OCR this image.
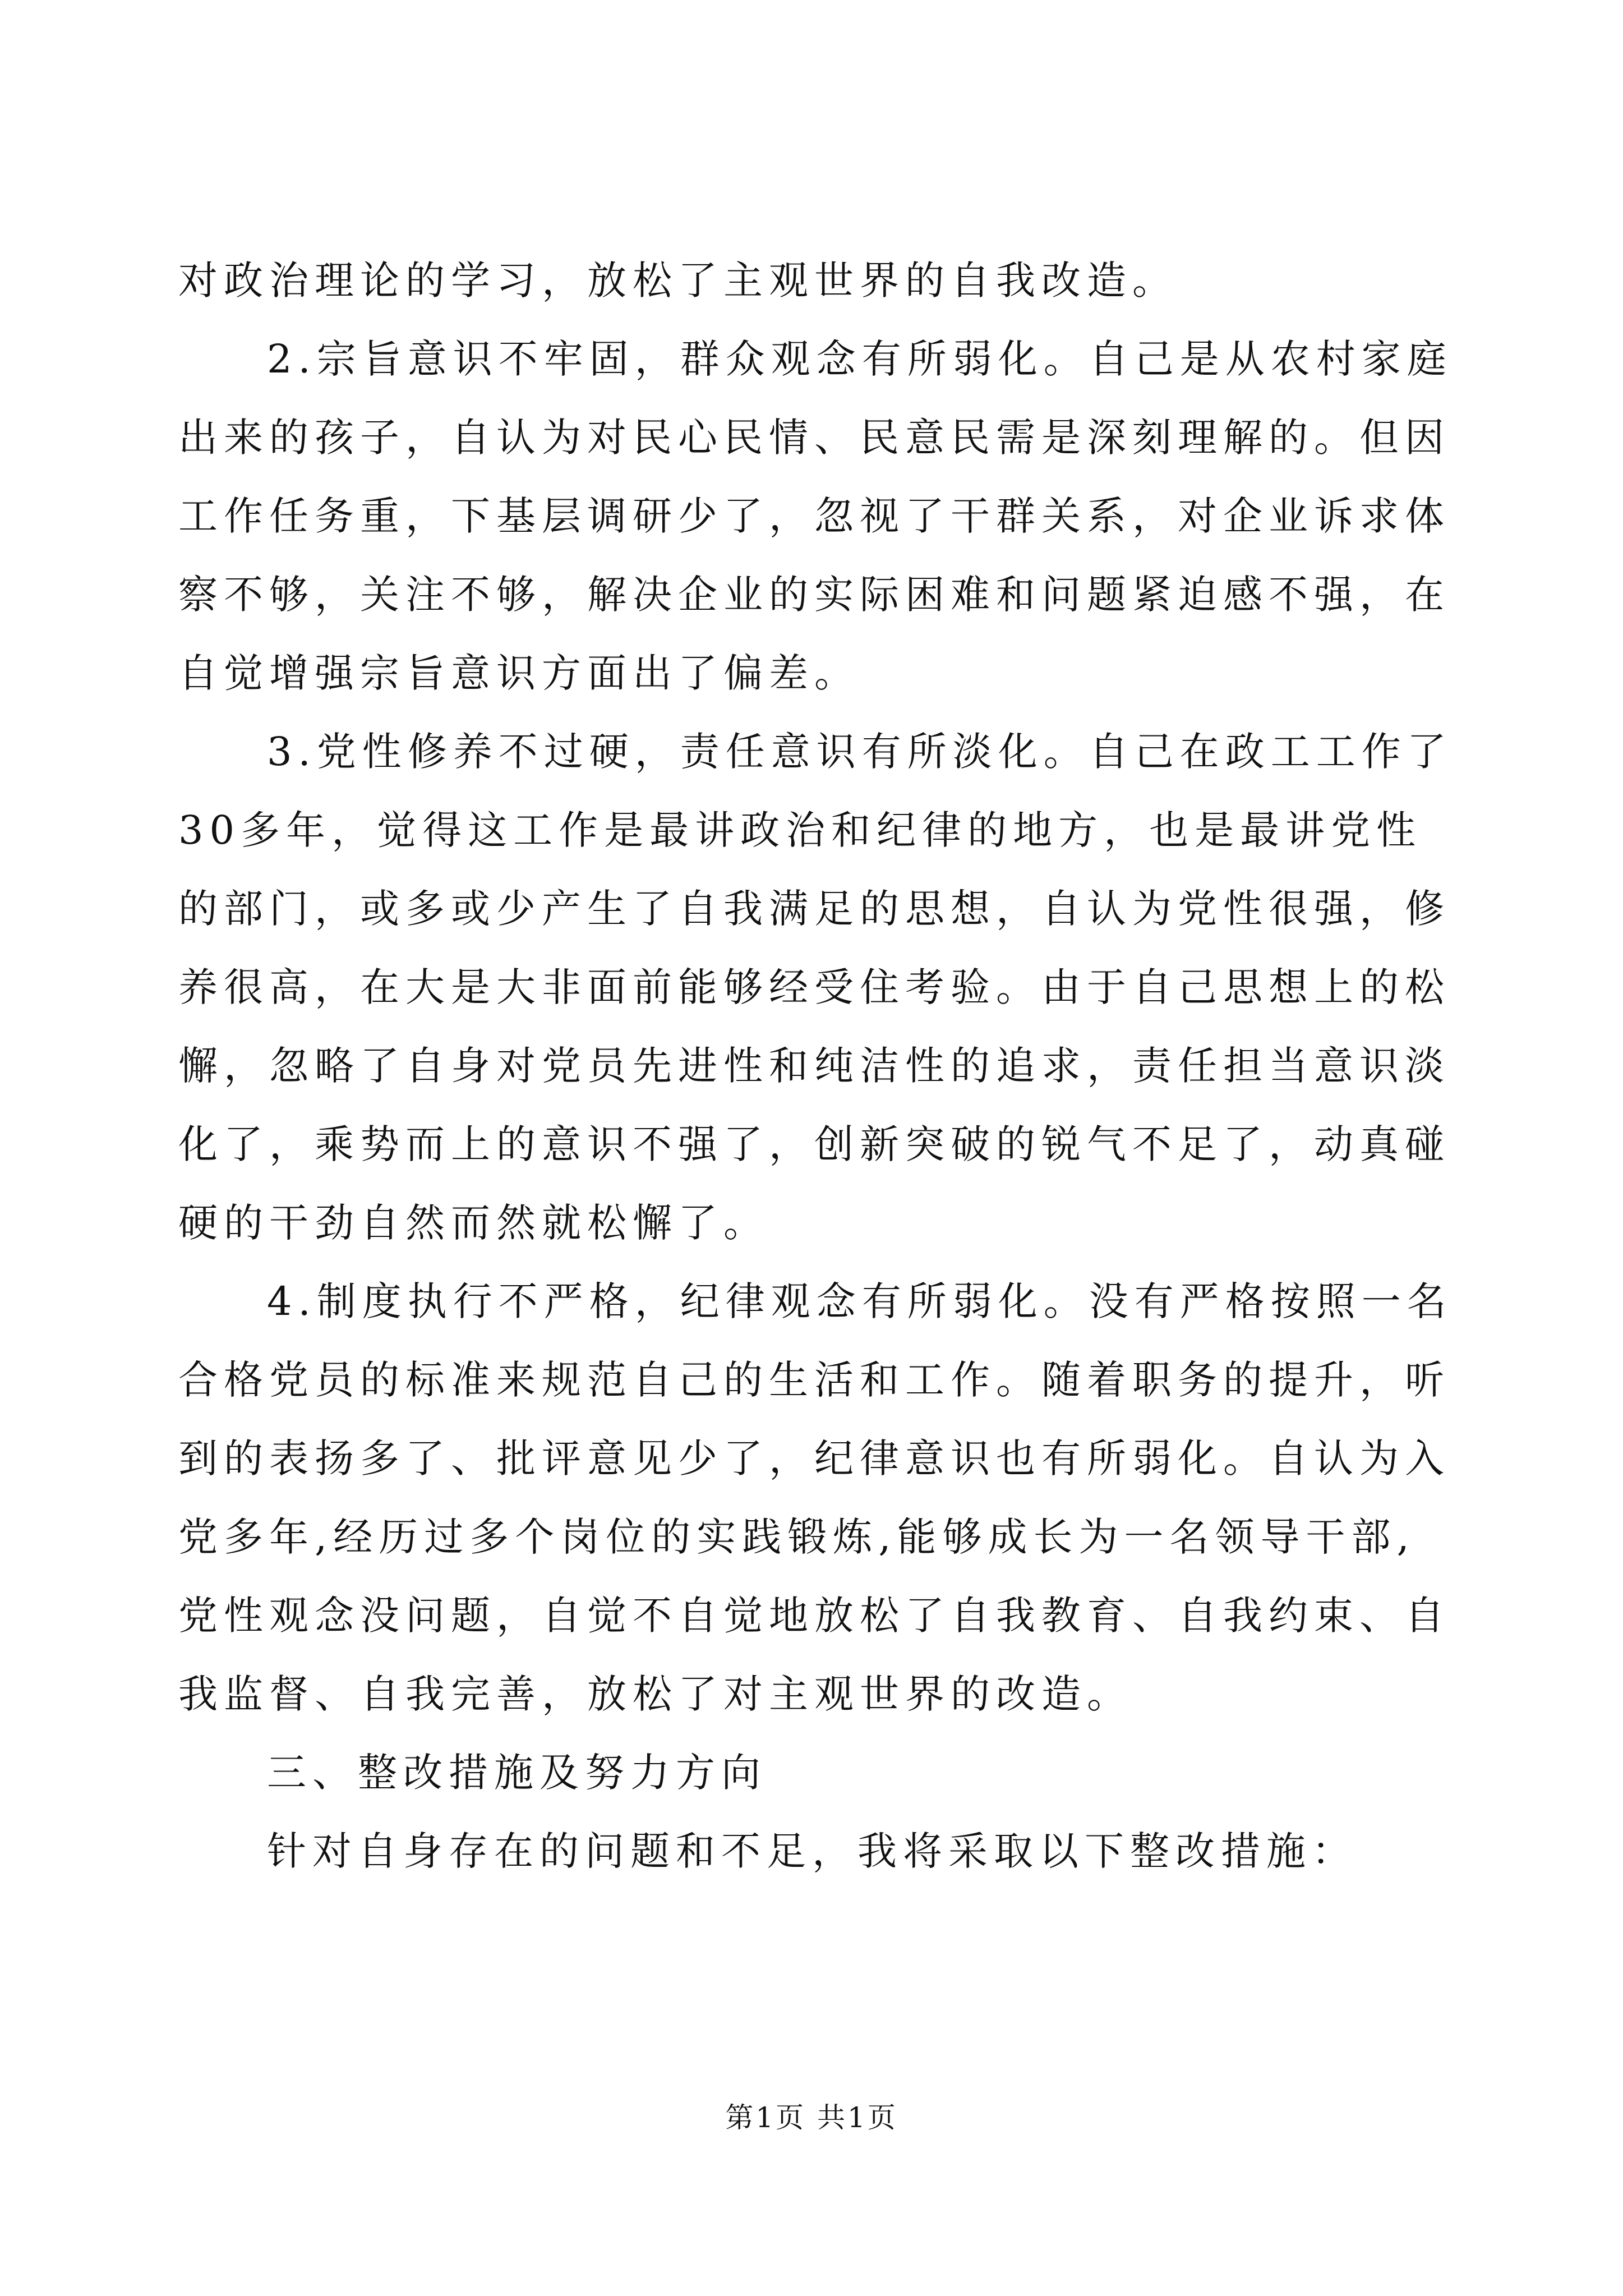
对政治理论的学习，放松了主观世界的自我改造。
2.宗旨意识不牢固，群众观念有所弱化。自己是从农村家庭
出来的孩子，自认为对民心民情、民意民需是深刻理解的。但因
工作任务重，下基层调研少了，忽视了干群关系，对企业诉求体
察不够，关注不够，解决企业的实际困难和问题紧迫感不强，在
自觉增强宗旨意识方面出了偏差。
3.党性修养不过硬，责任意识有所淡化。自己在政工工作了
30多年，觉得这工作是最讲政治和纪律的地方，也是最讲党性
的部门，或多或少产生了自我满足的思想，自认为党性很强，修
养很高，在大是大非面前能够经受住考验。由于自己思想上的松
懈，忽略了自身对党员先进性和纯洁性的追求，责任担当意识淡
化了，乘势而上的意识不强了，创新突破的锐气不足了，动真碰
硬的干劲自然而然就松懈了。
4.制度执行不严格，纪律观念有所弱化。没有严格按照一名
合格党员的标准来规范自己的生活和工作。随着职务的提升，听
到的表扬多了、批评意见少了，纪律意识也有所弱化。自认为入
党多年,经历过多个岗位的实践锻炼,能够成长为一名领导干部,
党性观念没问题，自觉不自觉地放松了自我教育、自我约束、自
我监督、自我完善，放松了对主观世界的改造。
三、整改措施及努力方向
针对自身存在的问题和不足，我将采取以下整改措施：
第1页 共1页
